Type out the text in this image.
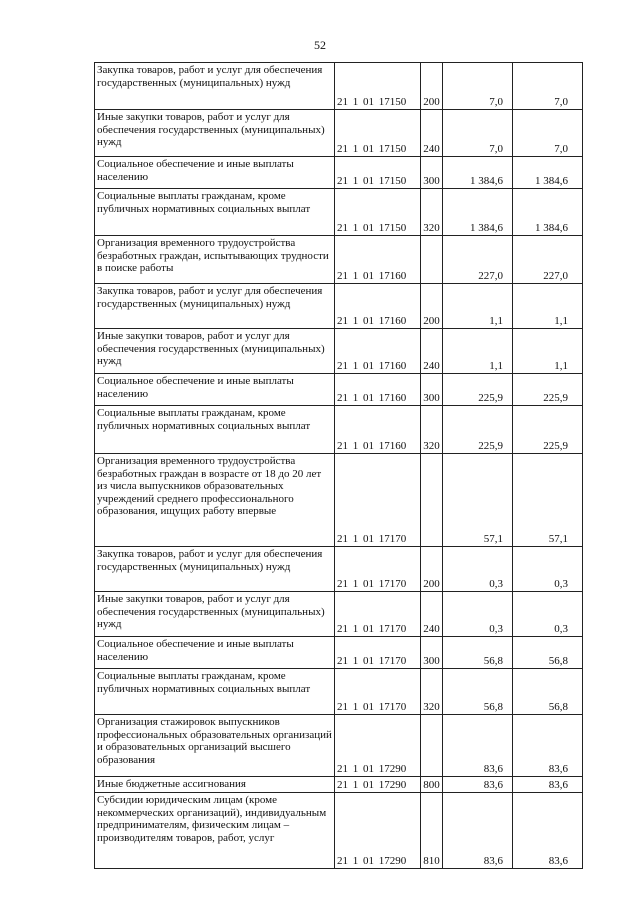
52
Закупка товаров, работ и услуг для обеспечения государственных (муниципальных) нужд	21 1 01 17150	200	7,0	7,0
Иные закупки товаров, работ и услуг для обеспечения государственных (муниципальных) нужд	21 1 01 17150	240	7,0	7,0
Социальное обеспечение и иные выплаты населению	21 1 01 17150	300	1 384,6	1 384,6
Социальные выплаты гражданам, кроме публичных нормативных социальных выплат	21 1 01 17150	320	1 384,6	1 384,6
Организация временного трудоустройства безработных граждан, испытывающих трудности в поиске работы	21 1 01 17160		227,0	227,0
Закупка товаров, работ и услуг для обеспечения государственных (муниципальных) нужд	21 1 01 17160	200	1,1	1,1
Иные закупки товаров, работ и услуг для обеспечения государственных (муниципальных) нужд	21 1 01 17160	240	1,1	1,1
Социальное обеспечение и иные выплаты населению	21 1 01 17160	300	225,9	225,9
Социальные выплаты гражданам, кроме публичных нормативных социальных выплат	21 1 01 17160	320	225,9	225,9
Организация временного трудоустройства безработных граждан в возрасте от 18 до 20 лет из числа выпускников образовательных учреждений среднего профессионального образования, ищущих работу впервые	21 1 01 17170		57,1	57,1
Закупка товаров, работ и услуг для обеспечения государственных (муниципальных) нужд	21 1 01 17170	200	0,3	0,3
Иные закупки товаров, работ и услуг для обеспечения государственных (муниципальных) нужд	21 1 01 17170	240	0,3	0,3
Социальное обеспечение и иные выплаты населению	21 1 01 17170	300	56,8	56,8
Социальные выплаты гражданам, кроме публичных нормативных социальных выплат	21 1 01 17170	320	56,8	56,8
Организация стажировок выпускников профессиональных образовательных организаций и образовательных организаций высшего образования	21 1 01 17290		83,6	83,6
Иные бюджетные ассигнования	21 1 01 17290	800	83,6	83,6
Субсидии юридическим лицам (кроме некоммерческих организаций), индивидуальным предпринимателям, физическим лицам – производителям товаров, работ, услуг	21 1 01 17290	810	83,6	83,6
